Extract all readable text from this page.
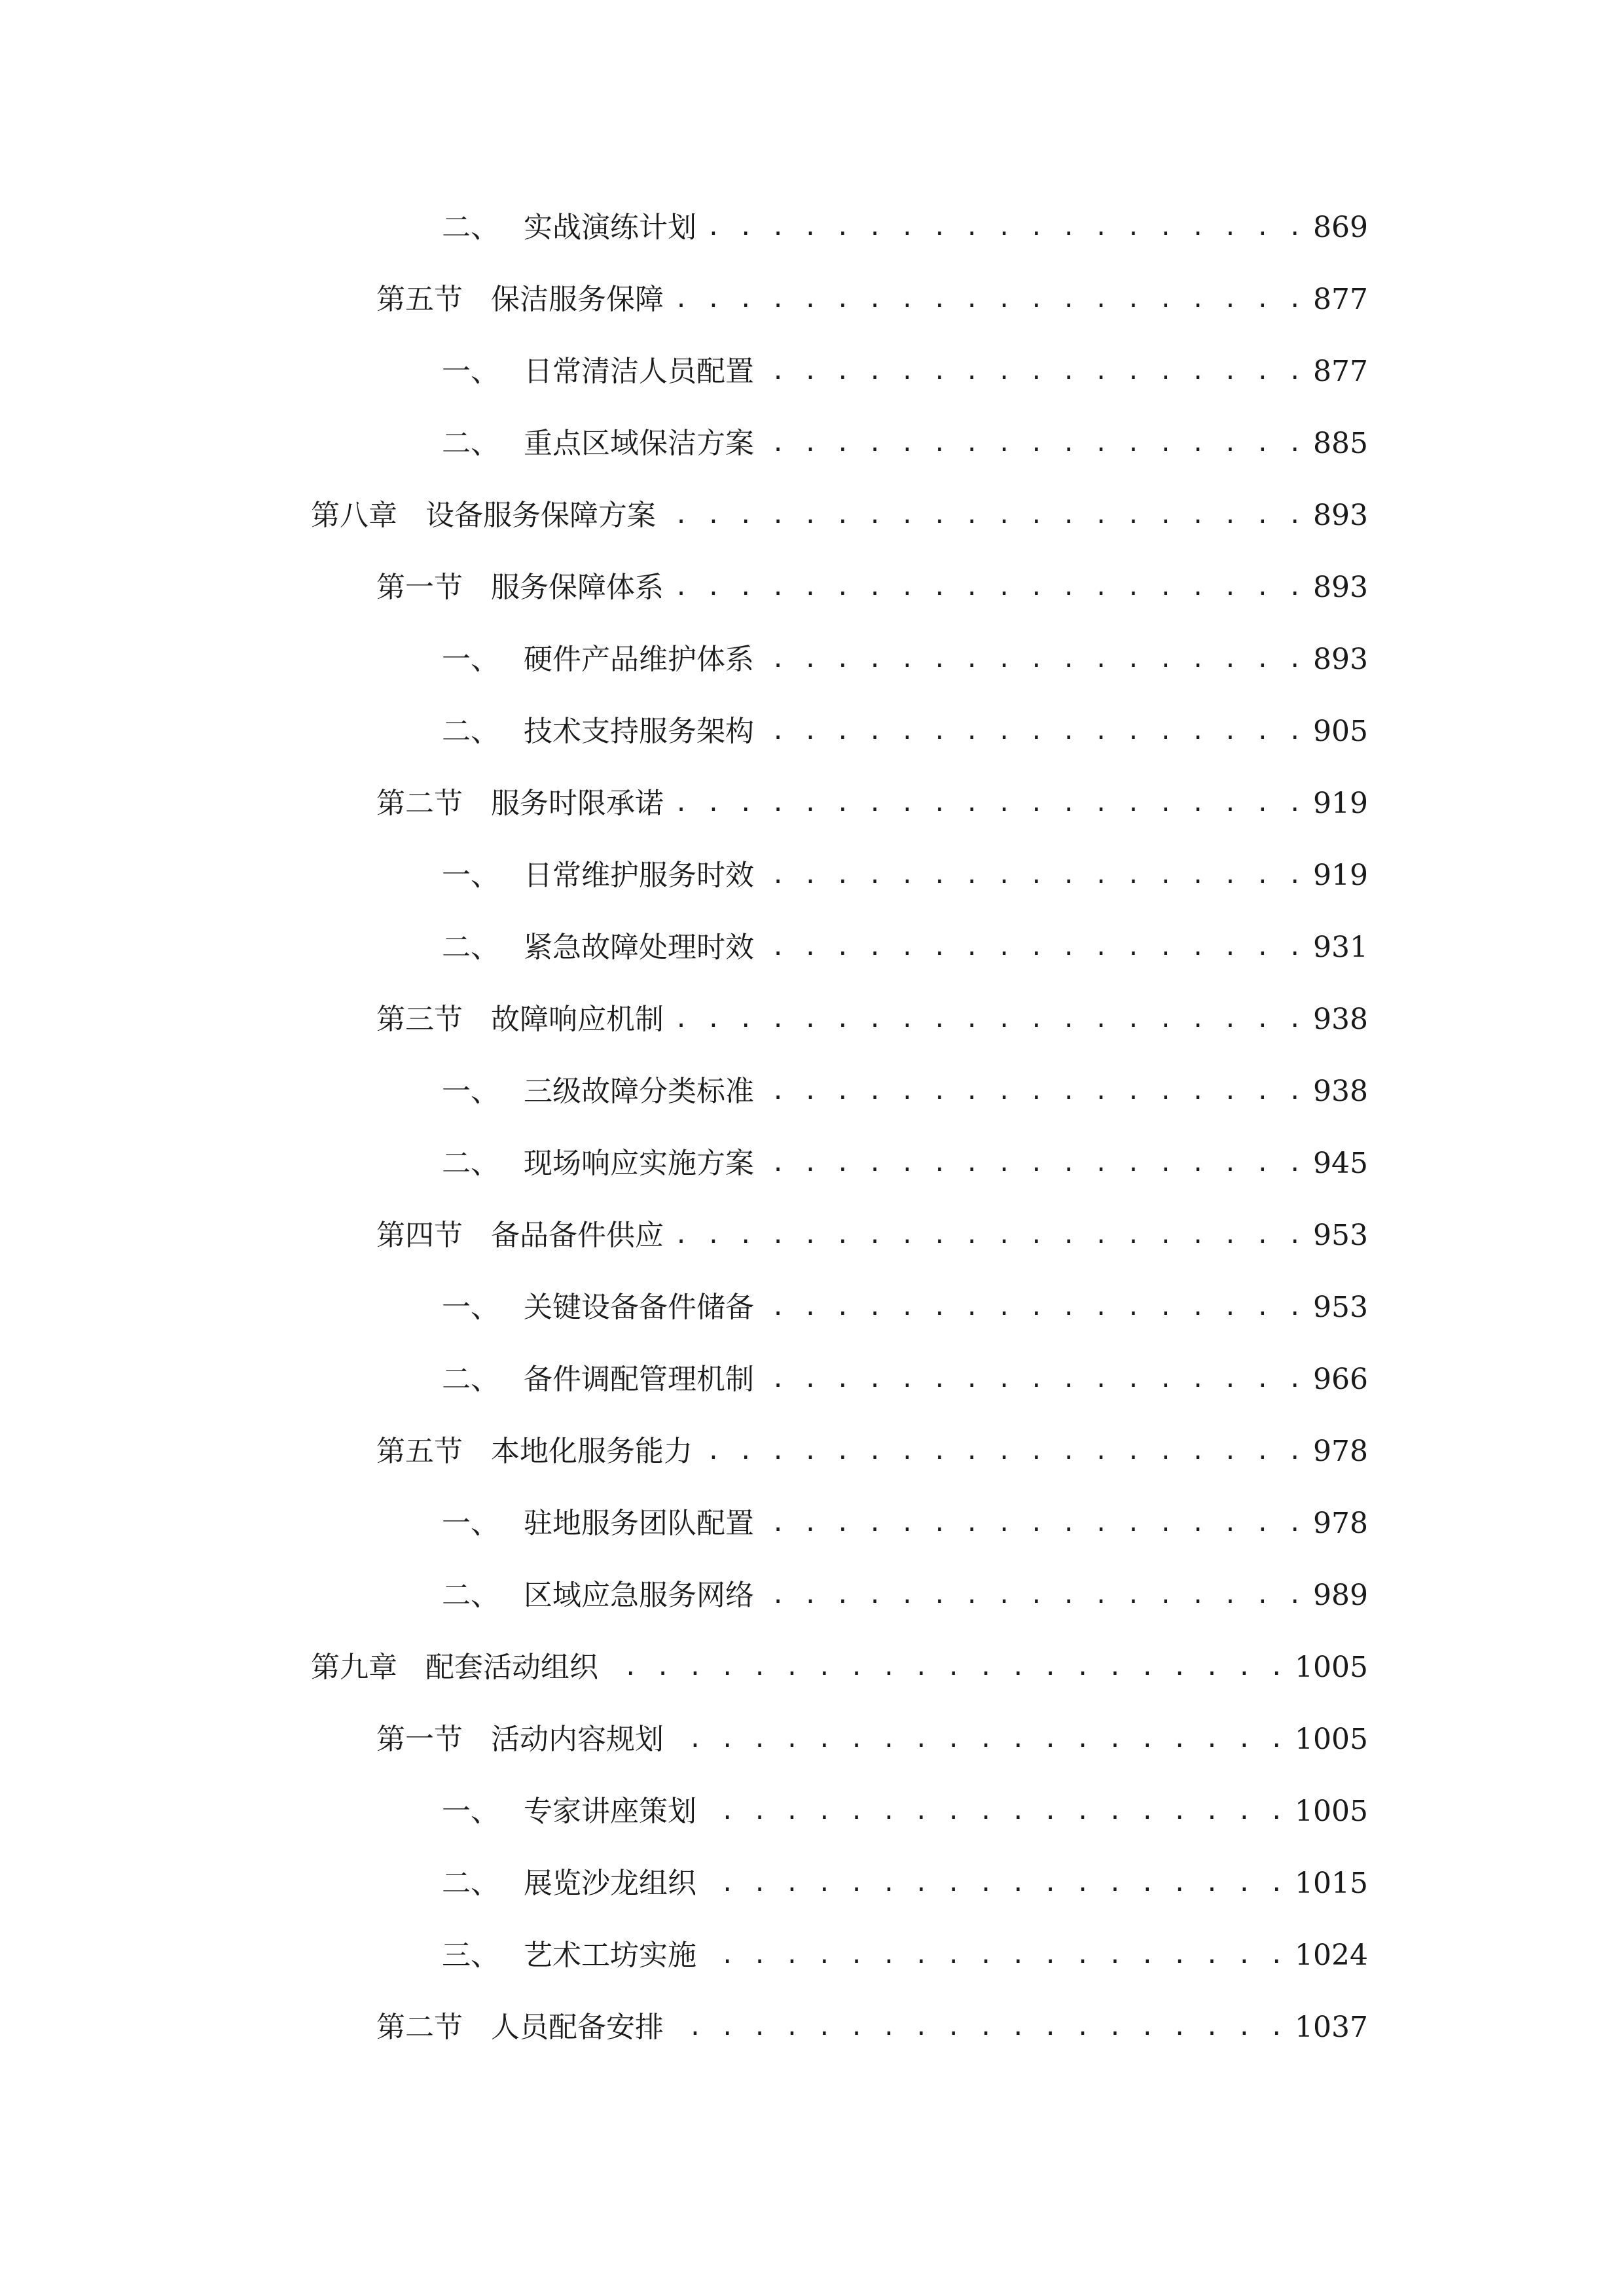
二、 实战演练计划 . . .	869
第五节 保洁服务保障 . . .	877
一、 日常清洁人员配置 . . .	877
二、 重点区域保洁方案 . . .	885
第八章 设备服务保障方案 . . .	893
第一节 服务保障体系 . . .	893
一、 硬件产品维护体系 . . .	893
二、 技术支持服务架构 . . .	905
第二节 服务时限承诺 . . .	919
一、 日常维护服务时效 . . .	919
二、 紧急故障处理时效 . . .	931
第三节 故障响应机制 . . .	938
一、 三级故障分类标准 . . .	938
二、 现场响应实施方案 . . .	945
第四节 备品备件供应 . . .	953
一、 关键设备备件储备 . . .	953
二、 备件调配管理机制 . . .	966
第五节 本地化服务能力 . . .	978
一、 驻地服务团队配置 . . .	978
二、 区域应急服务网络 . . .	989
第九章 配套活动组织 . . .	1005
第一节 活动内容规划 . . .	1005
一、 专家讲座策划 . . .	1005
二、 展览沙龙组织 . . .	1015
三、 艺术工坊实施 . . .	1024
第二节 人员配备安排 . . .	1037
